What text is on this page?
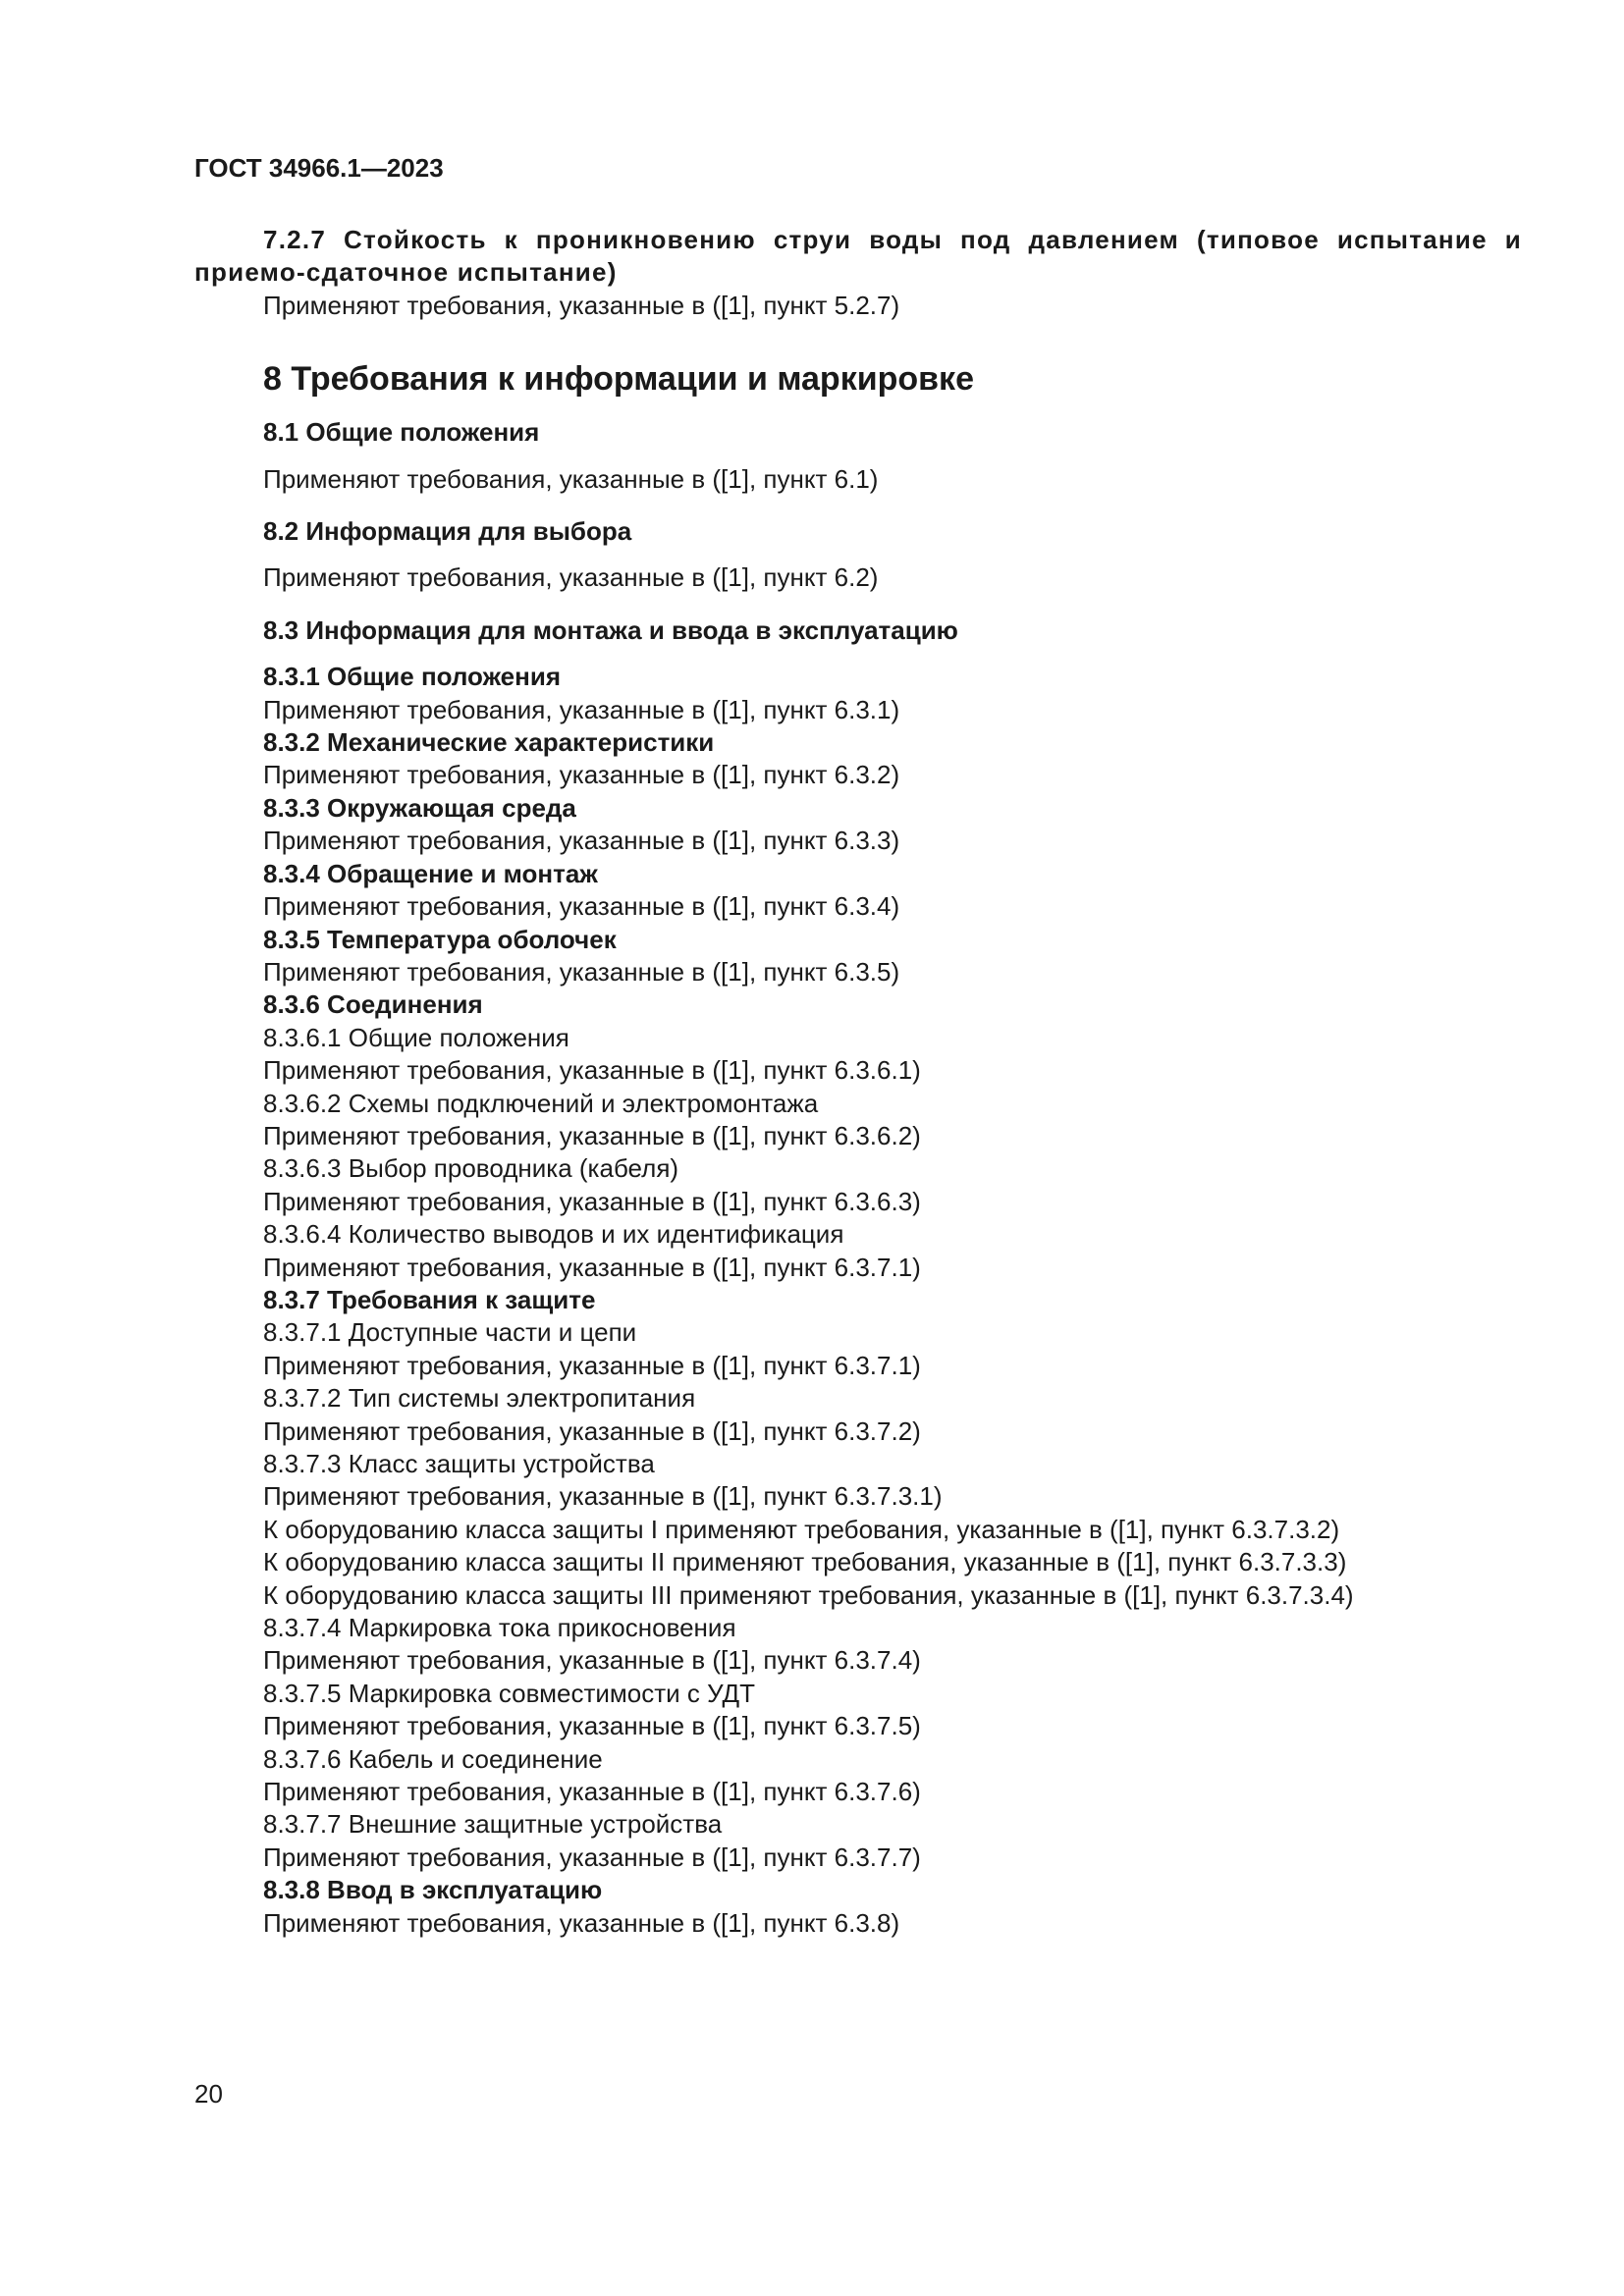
ГОСТ 34966.1—2023

7.2.7 Стойкость к проникновению струи воды под давлением (типовое испытание и приемо-сдаточное испытание)

Применяют требования, указанные в ([1], пункт 5.2.7)

8 Требования к информации и маркировке

8.1 Общие положения

Применяют требования, указанные в ([1], пункт 6.1)

8.2 Информация для выбора

Применяют требования, указанные в ([1], пункт 6.2)

8.3 Информация для монтажа и ввода в эксплуатацию

8.3.1 Общие положения

Применяют требования, указанные в ([1], пункт 6.3.1)

8.3.2 Механические характеристики

Применяют требования, указанные в ([1], пункт 6.3.2)

8.3.3 Окружающая среда

Применяют требования, указанные в ([1], пункт 6.3.3)

8.3.4 Обращение и монтаж

Применяют требования, указанные в ([1], пункт 6.3.4)

8.3.5 Температура оболочек

Применяют требования, указанные в ([1], пункт 6.3.5)

8.3.6 Соединения

8.3.6.1 Общие положения

Применяют требования, указанные в ([1], пункт 6.3.6.1)

8.3.6.2 Схемы подключений и электромонтажа

Применяют требования, указанные в ([1], пункт 6.3.6.2)

8.3.6.3 Выбор проводника (кабеля)

Применяют требования, указанные в ([1], пункт 6.3.6.3)

8.3.6.4 Количество выводов и их идентификация

Применяют требования, указанные в ([1], пункт 6.3.7.1)

8.3.7 Требования к защите

8.3.7.1 Доступные части и цепи

Применяют требования, указанные в ([1], пункт 6.3.7.1)

8.3.7.2 Тип системы электропитания

Применяют требования, указанные в ([1], пункт 6.3.7.2)

8.3.7.3 Класс защиты устройства

Применяют требования, указанные в ([1], пункт 6.3.7.3.1)

К оборудованию класса защиты I применяют требования, указанные в ([1], пункт 6.3.7.3.2)

К оборудованию класса защиты II применяют требования, указанные в ([1], пункт 6.3.7.3.3)

К оборудованию класса защиты III применяют требования, указанные в ([1], пункт 6.3.7.3.4)

8.3.7.4 Маркировка тока прикосновения

Применяют требования, указанные в ([1], пункт 6.3.7.4)

8.3.7.5 Маркировка совместимости с УДТ

Применяют требования, указанные в ([1], пункт 6.3.7.5)

8.3.7.6 Кабель и соединение

Применяют требования, указанные в ([1], пункт 6.3.7.6)

8.3.7.7 Внешние защитные устройства

Применяют требования, указанные в ([1], пункт 6.3.7.7)

8.3.8 Ввод в эксплуатацию

Применяют требования, указанные в ([1], пункт 6.3.8)

20
